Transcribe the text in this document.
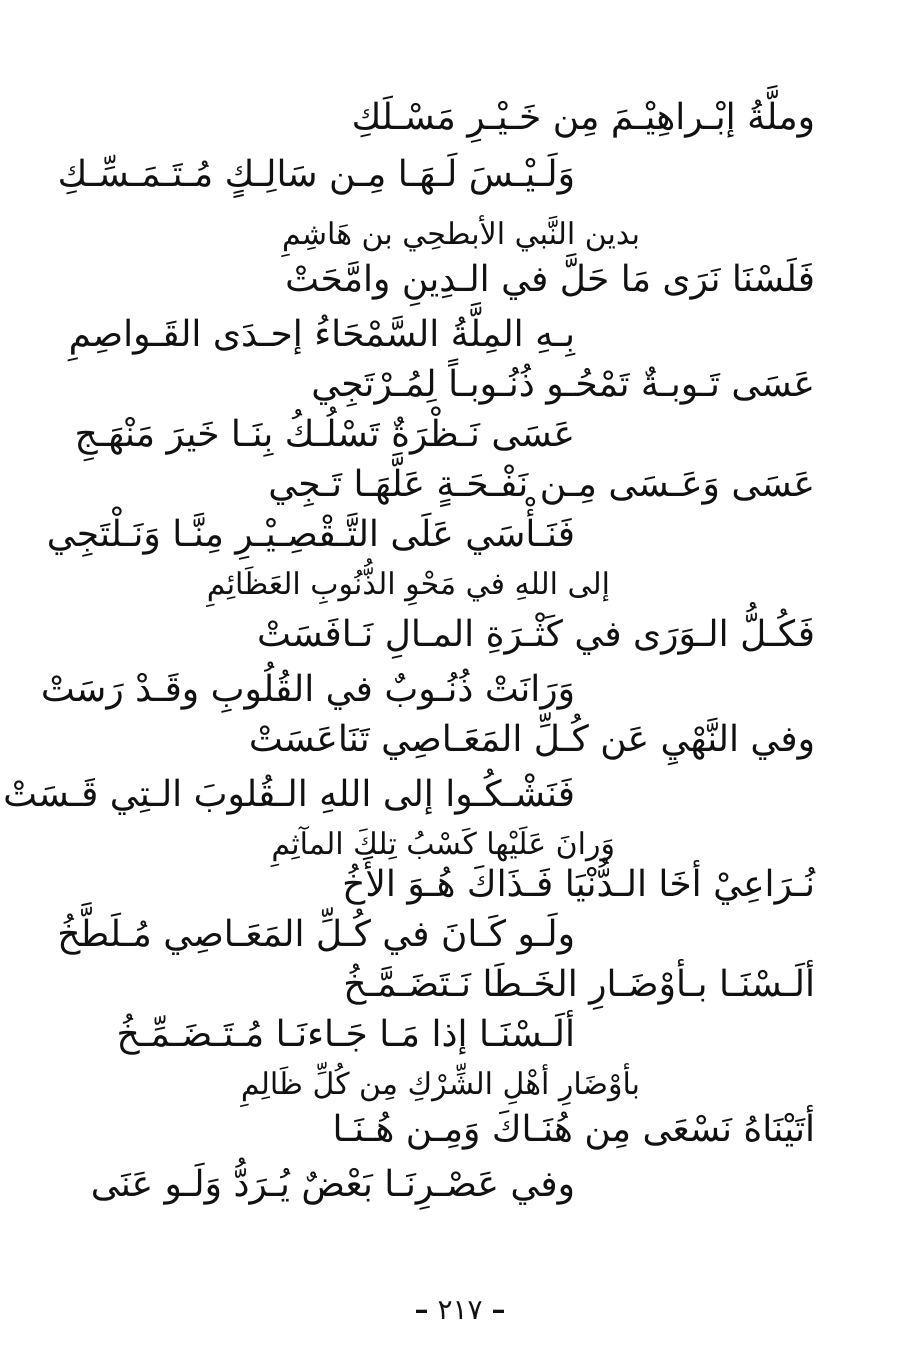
وملَّةُ إبْـراهِيْـمَ مِن خَـيْـرِ مَسْـلَكِ
وَلَـيْـسَ لَـهَـا مِـن سَالِـكٍ مُـتَـمَـسِّـكِ
بدين النَّبي الأبطحِي بن هَاشِمِ
فَلَسْنَا نَرَى مَا حَلَّ في الـدِينِ وامَّحَتْ
بِـهِ المِلَّةُ السَّمْحَاءُ إحـدَى القَـواصِمِ
عَسَى تَـوبـةٌ تَمْحُـو ذُنُـوبـاً لِمُـرْتَجِي
عَسَى نَـظْرَةٌ تَسْلُـكُ بِنَـا خَيرَ مَنْهَـجِ
عَسَى وَعَـسَى مِـن نَفْـحَـةٍ عَلَّهَـا تَـجِي
فَنَـأْسَي عَلَى التَّـقْصِـيْـرِ مِنَّـا وَنَـلْتَجِي
إلى اللهِ في مَحْوِ الذُّنُوبِ العَظَائِمِ
فَكُـلُّ الـوَرَى في كَثْـرَةِ المـالِ نَـافَسَتْ
وَرَانَتْ ذُنُـوبٌ في القُلُوبِ وقَـدْ رَسَتْ
وفي النَّهْيِ عَن كُـلِّ المَعَـاصِي تَنَاعَسَتْ
فَنَشْـكُـوا إلى اللهِ الـقُلوبَ الـتِي قَـسَتْ
وَرانَ عَلَيْها كَسْبُ تِلكَ المآثِمِ
نُـرَاعِيْ أخَا الـدُّنْيَا فَـذَاكَ هُـوَ الأَخُ
ولَـو كَـانَ في كُـلِّ المَعَـاصِي مُـلَطَّخُ
ألَـسْنَـا بـأوْضَـارِ الخَـطَا نَـتَضَـمَّـخُ
ألَـسْنَـا إذا مَـا جَـاءنَـا مُـتَـضَـمِّـخُ
بأوْضَارِ أهْلِ الشِّرْكِ مِن كُلِّ ظَالِمِ
أتَيْنَاهُ نَسْعَى مِن هُنَـاكَ وَمِـن هُـنَـا
وفي عَصْـرِنَـا بَعْضٌ يُـرَدُّ وَلَـو عَنَى
– ٢١٧ –
